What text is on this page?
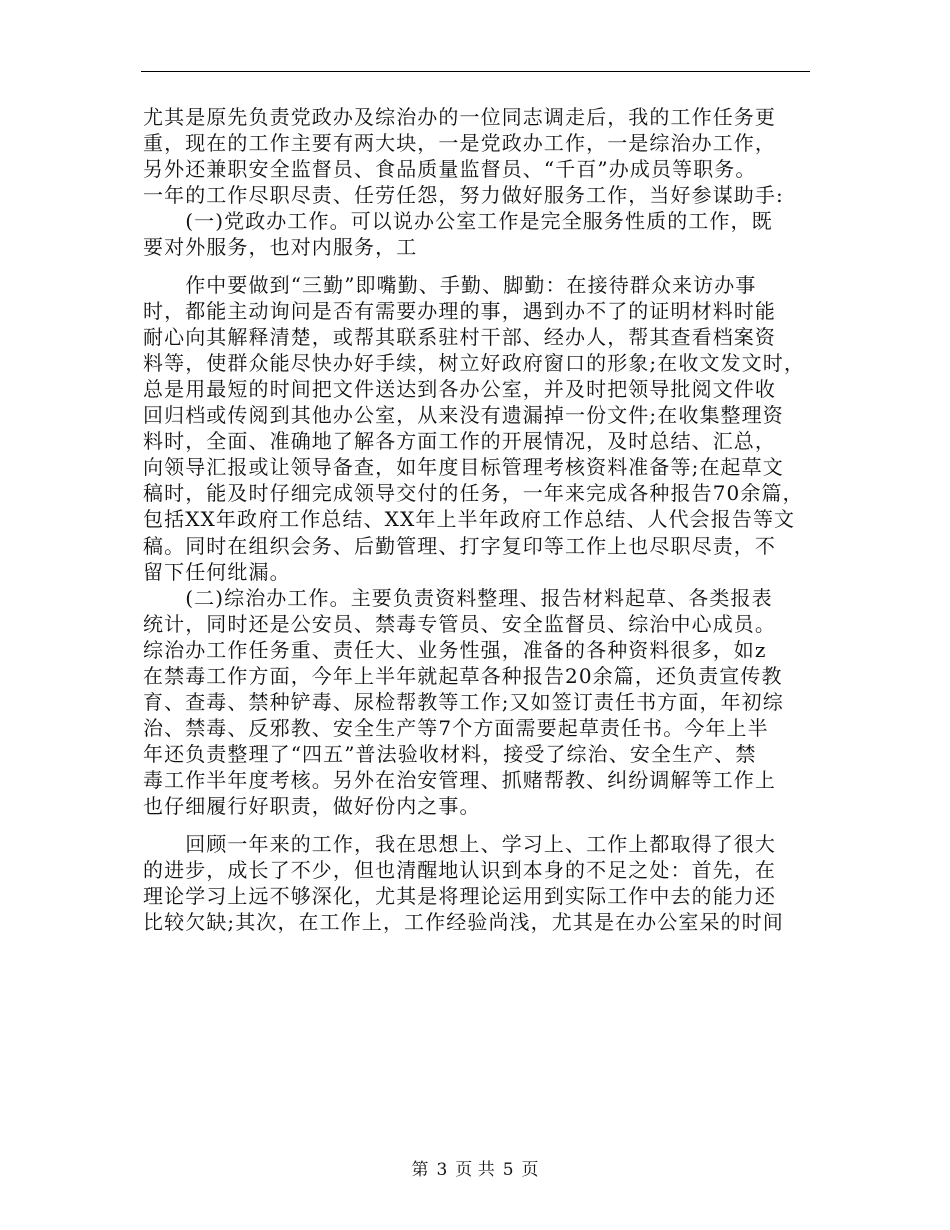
尤其是原先负责党政办及综治办的一位同志调走后，我的工作任务更
重，现在的工作主要有两大块，一是党政办工作，一是综治办工作，
另外还兼职安全监督员、食品质量监督员、“千百”办成员等职务。
一年的工作尽职尽责、任劳任怨，努力做好服务工作，当好参谋助手:
　　(一)党政办工作。可以说办公室工作是完全服务性质的工作，既
要对外服务，也对内服务，工
　　作中要做到“三勤”即嘴勤、手勤、脚勤：在接待群众来访办事
时，都能主动询问是否有需要办理的事，遇到办不了的证明材料时能
耐心向其解释清楚，或帮其联系驻村干部、经办人，帮其查看档案资
料等，使群众能尽快办好手续，树立好政府窗口的形象;在收文发文时，
总是用最短的时间把文件送达到各办公室，并及时把领导批阅文件收
回归档或传阅到其他办公室，从来没有遗漏掉一份文件;在收集整理资
料时，全面、准确地了解各方面工作的开展情况，及时总结、汇总，
向领导汇报或让领导备查，如年度目标管理考核资料准备等;在起草文
稿时，能及时仔细完成领导交付的任务，一年来完成各种报告70余篇，
包括XX年政府工作总结、XX年上半年政府工作总结、人代会报告等文
稿。同时在组织会务、后勤管理、打字复印等工作上也尽职尽责，不
留下任何纰漏。
　　(二)综治办工作。主要负责资料整理、报告材料起草、各类报表
统计，同时还是公安员、禁毒专管员、安全监督员、综治中心成员。
综治办工作任务重、责任大、业务性强，准备的各种资料很多，如z
在禁毒工作方面，今年上半年就起草各种报告20余篇，还负责宣传教
育、查毒、禁种铲毒、尿检帮教等工作;又如签订责任书方面，年初综
治、禁毒、反邪教、安全生产等7个方面需要起草责任书。今年上半
年还负责整理了“四五”普法验收材料，接受了综治、安全生产、禁
毒工作半年度考核。另外在治安管理、抓赌帮教、纠纷调解等工作上
也仔细履行好职责，做好份内之事。
　　回顾一年来的工作，我在思想上、学习上、工作上都取得了很大
的进步，成长了不少，但也清醒地认识到本身的不足之处：首先，在
理论学习上远不够深化，尤其是将理论运用到实际工作中去的能力还
比较欠缺;其次，在工作上，工作经验尚浅，尤其是在办公室呆的时间
第 3 页 共 5 页
